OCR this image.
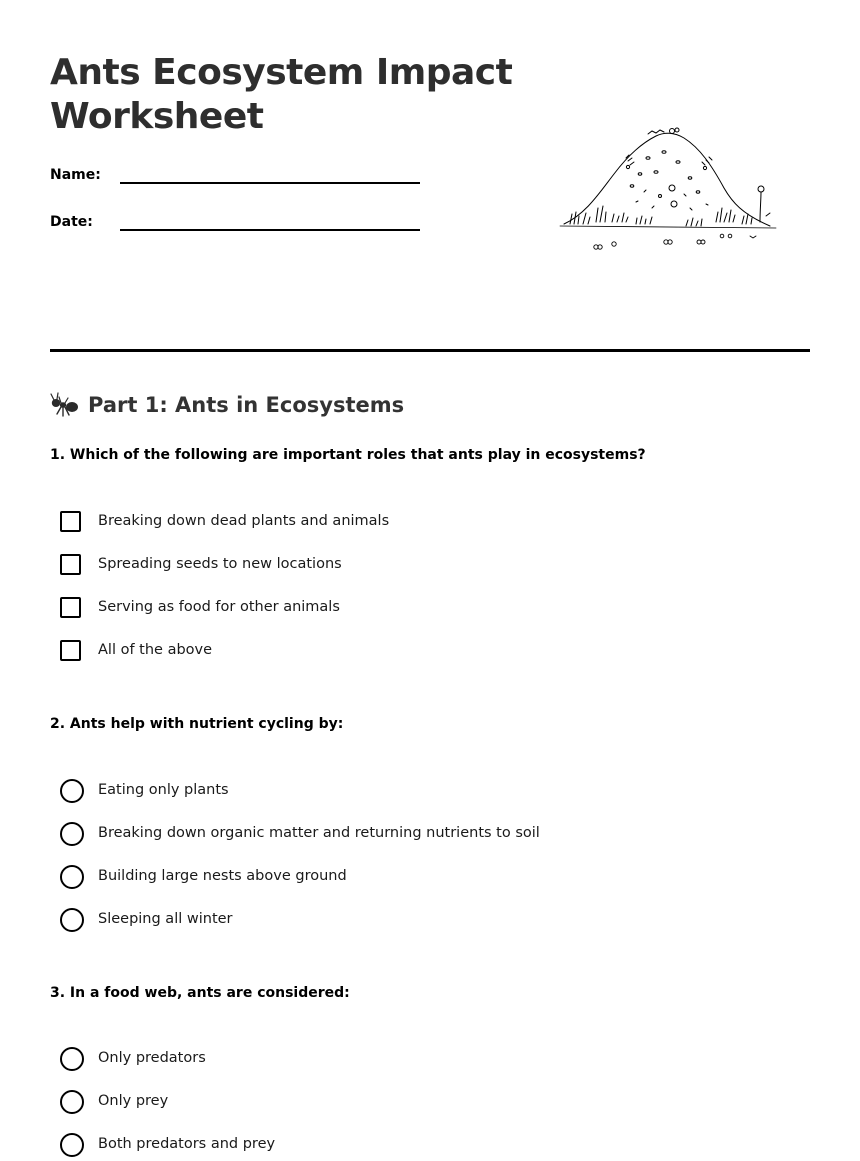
Ants Ecosystem Impact Worksheet
Name:
Date:
Part 1: Ants in Ecosystems
1. Which of the following are important roles that ants play in ecosystems?
Breaking down dead plants and animals
Spreading seeds to new locations
Serving as food for other animals
All of the above
2. Ants help with nutrient cycling by:
Eating only plants
Breaking down organic matter and returning nutrients to soil
Building large nests above ground
Sleeping all winter
3. In a food web, ants are considered:
Only predators
Only prey
Both predators and prey
